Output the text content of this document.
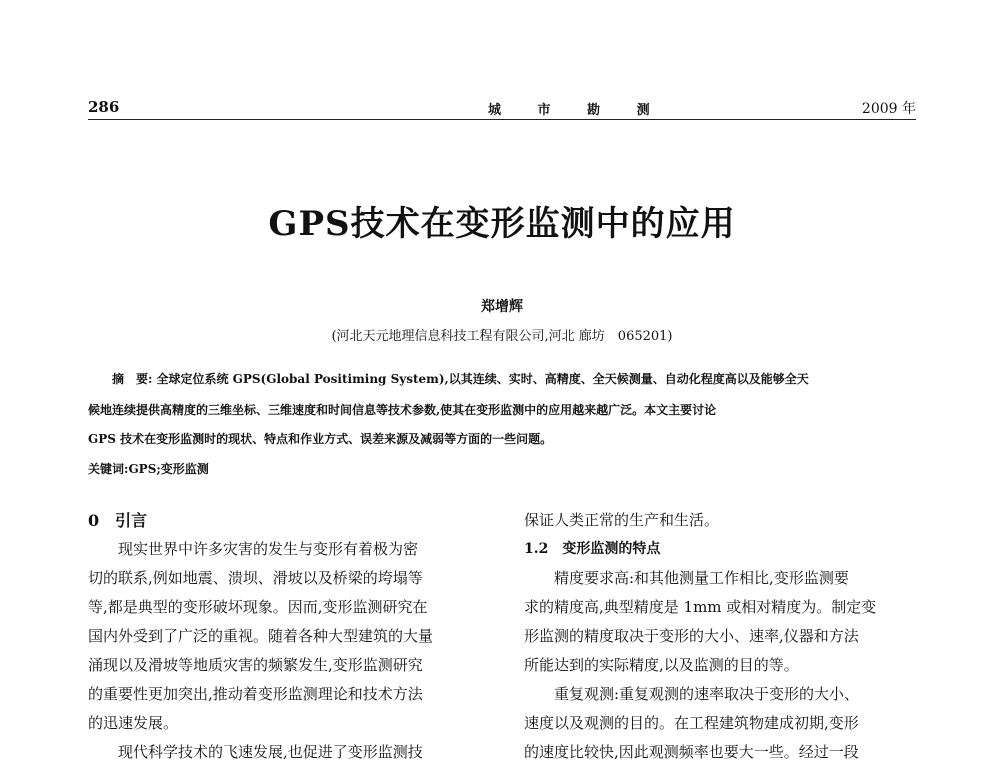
286	城 市 勘 测	2009 年
GPS技术在变形监测中的应用
郑增辉
(河北天元地理信息科技工程有限公司,河北 廊坊　065201)
摘　要: 全球定位系统 GPS(Global Positiming System),以其连续、实时、高精度、全天候测量、自动化程度高以及能够全天
候地连续提供高精度的三维坐标、三维速度和时间信息等技术参数,使其在变形监测中的应用越来越广泛。本文主要讨论
GPS 技术在变形监测时的现状、特点和作业方式、误差来源及减弱等方面的一些问题。
关键词:GPS;变形监测
0　引言
现实世界中许多灾害的发生与变形有着极为密
切的联系,例如地震、溃坝、滑坡以及桥梁的垮塌等
等,都是典型的变形破坏现象。因而,变形监测研究在
国内外受到了广泛的重视。随着各种大型建筑的大量
涌现以及滑坡等地质灾害的频繁发生,变形监测研究
的重要性更加突出,推动着变形监测理论和技术方法
的迅速发展。
现代科学技术的飞速发展,也促进了变形监测技
保证人类正常的生产和生活。
1.2　变形监测的特点
精度要求高:和其他测量工作相比,变形监测要
求的精度高,典型精度是 1mm 或相对精度为。制定变
形监测的精度取决于变形的大小、速率,仪器和方法
所能达到的实际精度,以及监测的目的等。
重复观测:重复观测的速率取决于变形的大小、
速度以及观测的目的。在工程建筑物建成初期,变形
的速度比较快,因此观测频率也要大一些。经过一段
